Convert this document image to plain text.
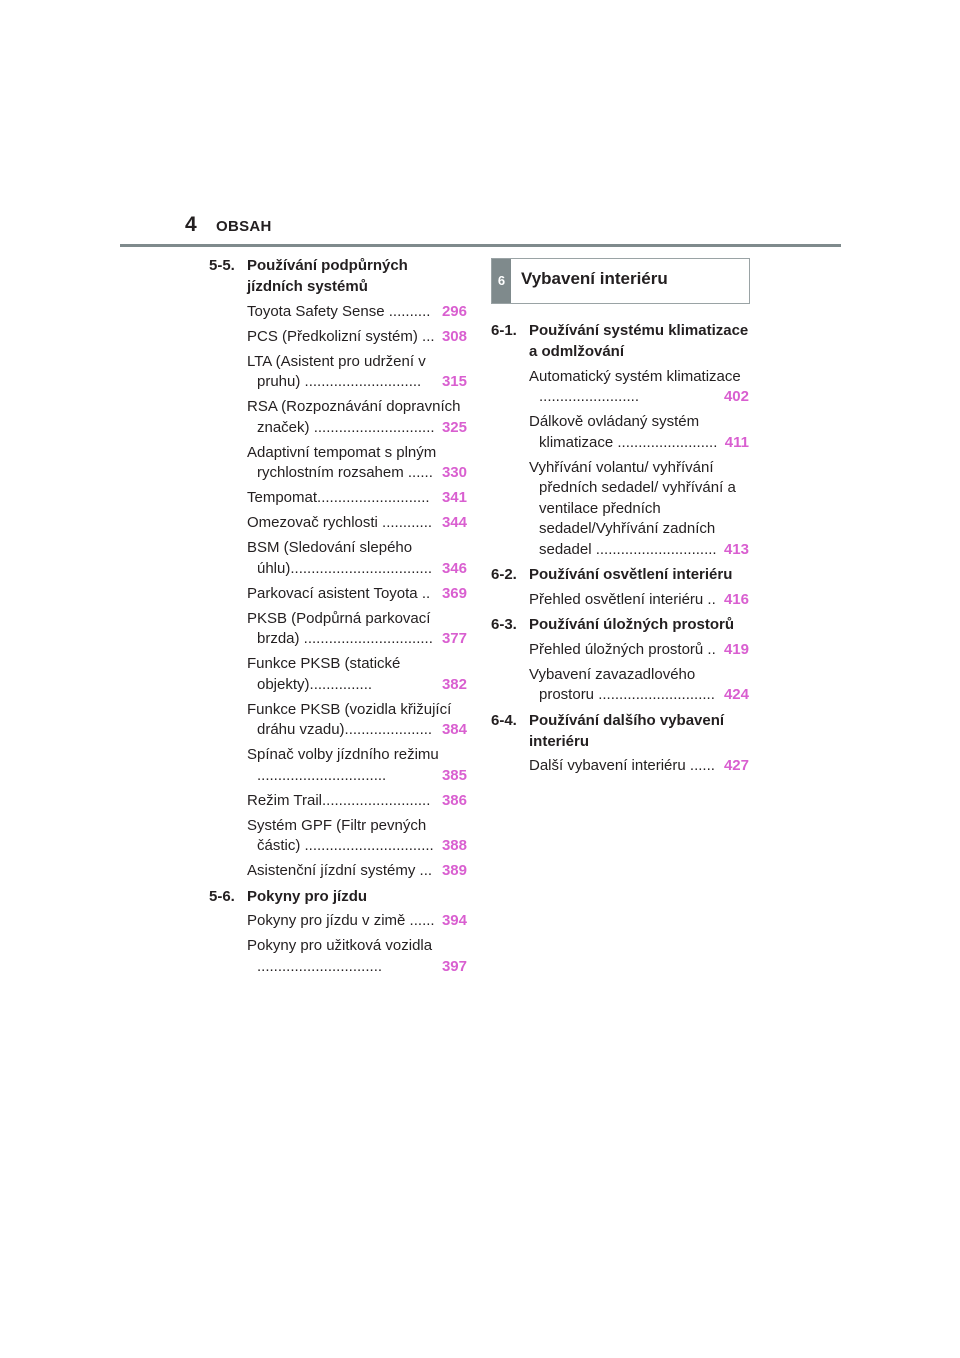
4 OBSAH
5-5. Používání podpůrných jízdních systémů
Toyota Safety Sense .......... 296
PCS (Předkolizní systém) ... 308
LTA (Asistent pro udržení v pruhu) ............................ 315
RSA (Rozpoznávání dopravních značek) ............................. 325
Adaptivní tempomat s plným rychlostním rozsahem ...... 330
Tempomat........................... 341
Omezovač rychlosti ............ 344
BSM (Sledování slepého úhlu).................................. 346
Parkovací asistent Toyota .. 369
PKSB (Podpůrná parkovací brzda) ............................... 377
Funkce PKSB (statické objekty)...............	382
Funkce PKSB (vozidla křižující dráhu vzadu)..................... 384
Spínač volby jízdního režimu ...............................	385
Režim Trail.......................... 386
Systém GPF (Filtr pevných částic) ............................... 388
Asistenční jízdní systémy ... 389
5-6. Pokyny pro jízdu
Pokyny pro jízdu v zimě ...... 394
Pokyny pro užitková vozidla ..............................	397
6 Vybavení interiéru
6-1. Používání systému klimatizace a odmlžování
Automatický systém klimatizace ........................	402
Dálkově ovládaný systém klimatizace ........................ 411
Vyhřívání volantu/ vyhřívání předních sedadel/ vyhřívání a ventilace předních sedadel/Vyhřívání zadních sedadel ............................. 413
6-2. Používání osvětlení interiéru
Přehled osvětlení interiéru .. 416
6-3. Používání úložných prostorů
Přehled úložných prostorů .. 419
Vybavení zavazadlového prostoru ............................ 424
6-4. Používání dalšího vybavení interiéru
Další vybavení interiéru ...... 427
